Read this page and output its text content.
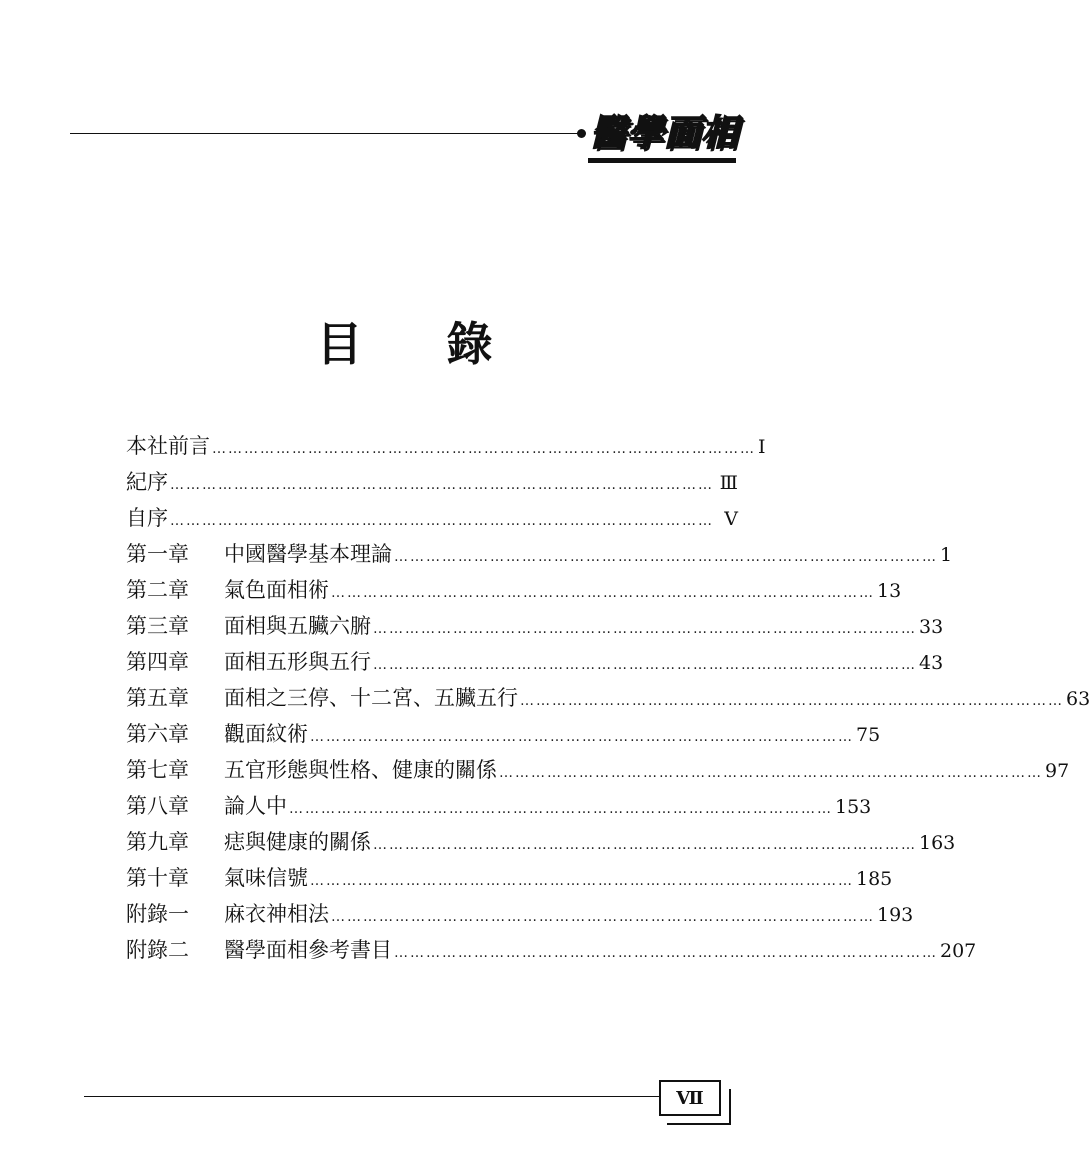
醫學面相
目 錄
本社前言 ………………………………………………………………………………………… Ⅰ
紀序 ………………………………………………………………………………………… Ⅲ
自序 ………………………………………………………………………………………… Ⅴ
第一章	中國醫學基本理論 ………………………………………………………………………………………… 1
第二章	氣色面相術 ………………………………………………………………………………………… 13
第三章	面相與五臟六腑 ………………………………………………………………………………………… 33
第四章	面相五形與五行 ………………………………………………………………………………………… 43
第五章	面相之三停、十二宮、五臟五行 ………………………………………………………………………………………… 63
第六章	觀面紋術 ………………………………………………………………………………………… 75
第七章	五官形態與性格、健康的關係 ………………………………………………………………………………………… 97
第八章	論人中 ………………………………………………………………………………………… 153
第九章	痣與健康的關係 ………………………………………………………………………………………… 163
第十章	氣味信號 ………………………………………………………………………………………… 185
附錄一	麻衣神相法 ………………………………………………………………………………………… 193
附錄二	醫學面相參考書目 ………………………………………………………………………………………… 207
Ⅶ
